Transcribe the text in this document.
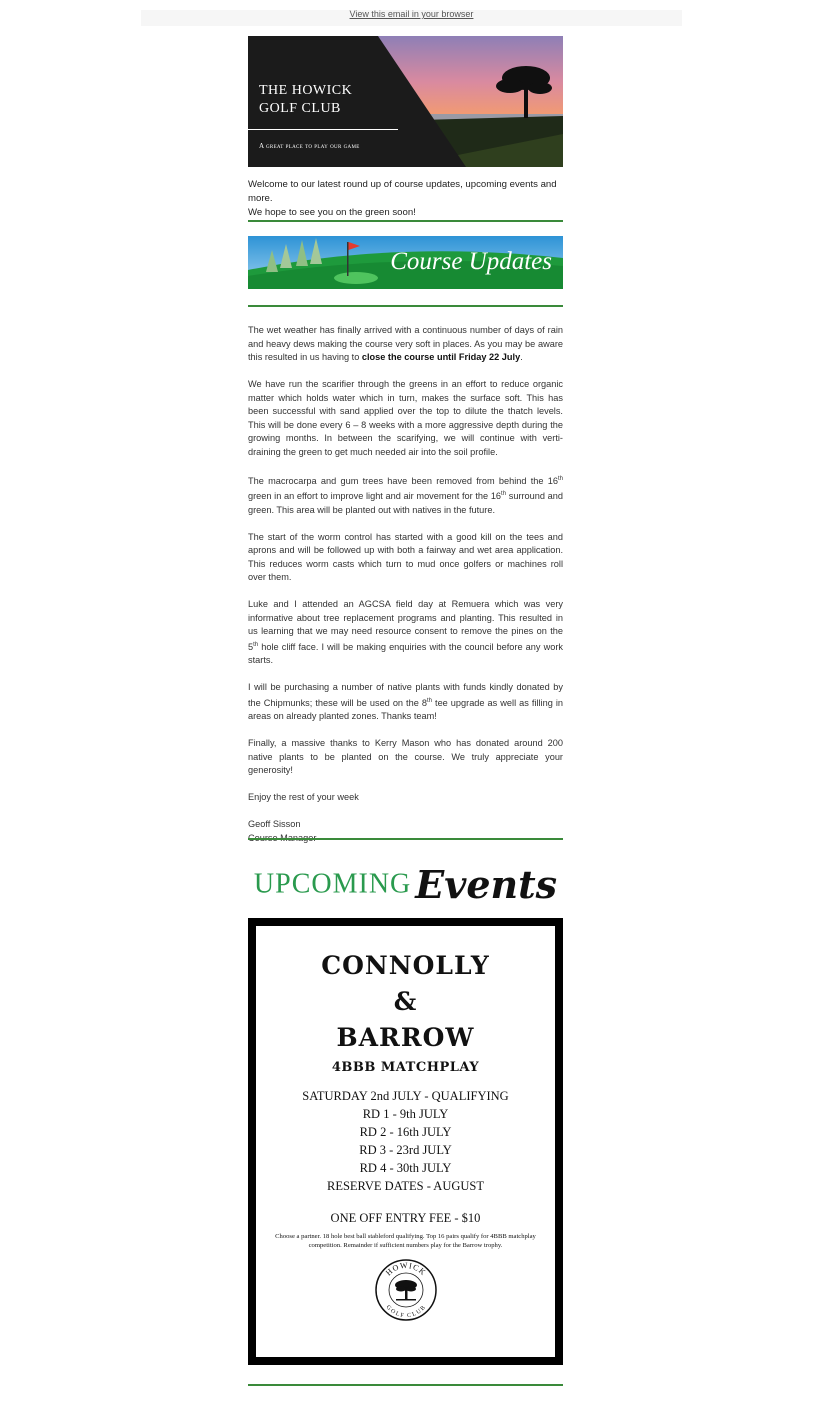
$^{View this email in your browser}$
THE HOWICK
GOLF CLUB
A great place to play our game
Welcome to our latest round up of course updates, upcoming events and more.
We hope to see you on the green soon!
Course Updates

The wet weather has finally arrived with a continuous number of days of rain and heavy dews making the course very soft in places. As you may be aware this resulted in us having to close the course until Friday 22 July.

We have run the scarifier through the greens in an effort to reduce organic matter which holds water which in turn, makes the surface soft. This has been successful with sand applied over the top to dilute the thatch levels. This will be done every 6 – 8 weeks with a more aggressive depth during the growing months. In between the scarifying, we will continue with verti-draining the green to get much needed air into the soil profile.

The macrocarpa and gum trees have been removed from behind the 16th green in an effort to improve light and air movement for the 16th surround and green. This area will be planted out with natives in the future.

The start of the worm control has started with a good kill on the tees and aprons and will be followed up with both a fairway and wet area application. This reduces worm casts which turn to mud once golfers or machines roll over them.

Luke and I attended an AGCSA field day at Remuera which was very informative about tree replacement programs and planting. This resulted in us learning that we may need resource consent to remove the pines on the 5th hole cliff face. I will be making enquiries with the council before any work starts.

I will be purchasing a number of native plants with funds kindly donated by the Chipmunks; these will be used on the 8th tee upgrade as well as filling in areas on already planted zones. Thanks team!

Finally, a massive thanks to Kerry Mason who has donated around 200 native plants to be planted on the course. We truly appreciate your generosity!

Enjoy the rest of your week

Geoff Sisson
UPCOMING Events
CONNOLLY
&
BARROW
4BBB MATCHPLAY
SATURDAY 2nd JULY - QUALIFYING
RD 1 - 9th JULY
RD 2 - 16th JULY
RD 3 - 23rd JULY
RD 4 - 30th JULY
RESERVE DATES - AUGUST
ONE OFF ENTRY FEE - $10
Choose a partner. 18 hole best ball stableford qualifying. Top 16 pairs qualify for 4BBB matchplay competition. Remainder if sufficient numbers play for the Barrow trophy.
HOWICK
GOLF CLUB
